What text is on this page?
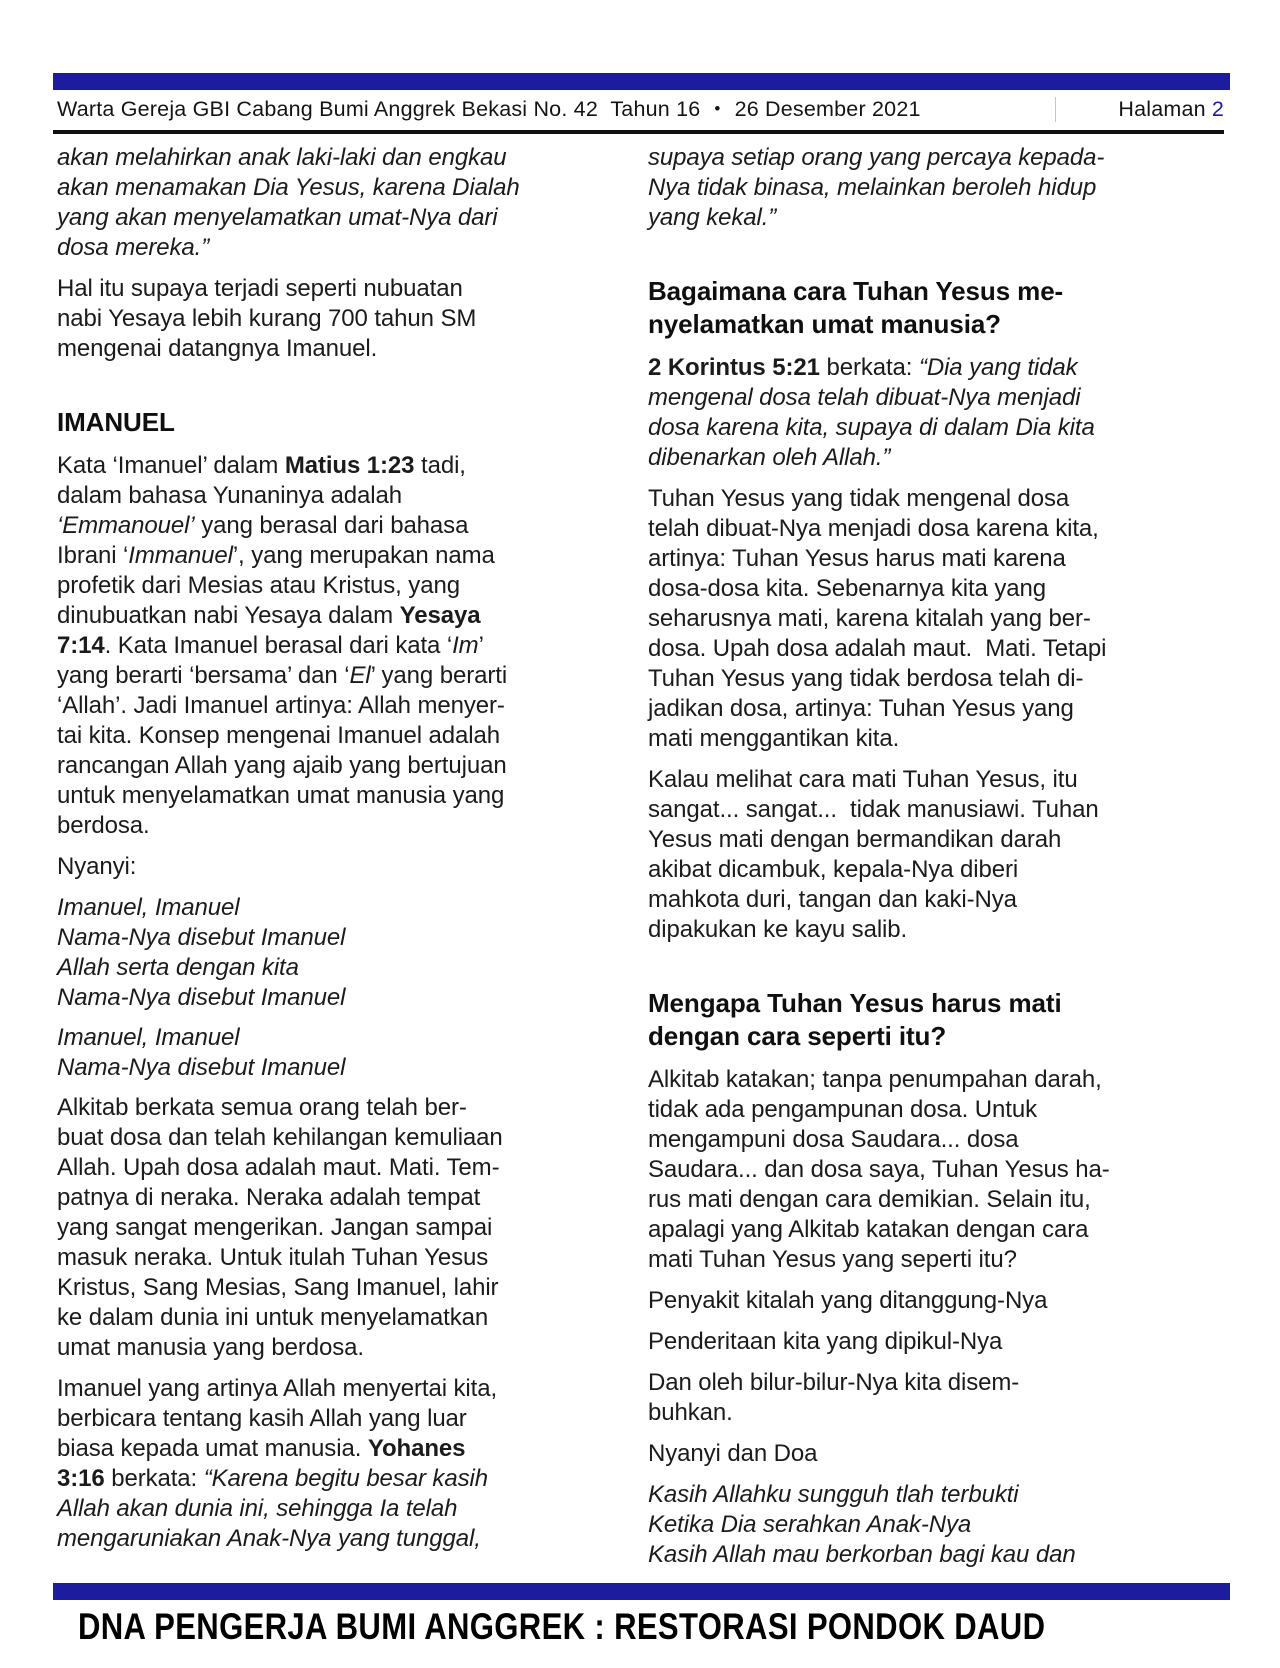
Warta Gereja GBI Cabang Bumi Anggrek Bekasi No. 42  Tahun 16 • 26 Desember 2021	Halaman 2

akan melahirkan anak laki-laki dan engkau
akan menamakan Dia Yesus, karena Dialah
yang akan menyelamatkan umat-Nya dari
dosa mereka.”

Hal itu supaya terjadi seperti nubuatan
nabi Yesaya lebih kurang 700 tahun SM
mengenai datangnya Imanuel.

IMANUEL

Kata ‘Imanuel’ dalam Matius 1:23 tadi,
dalam bahasa Yunaninya adalah
‘Emmanouel’ yang berasal dari bahasa
Ibrani ‘Immanuel’, yang merupakan nama
profetik dari Mesias atau Kristus, yang
dinubuatkan nabi Yesaya dalam Yesaya
7:14. Kata Imanuel berasal dari kata ‘Im’
yang berarti ‘bersama’ dan ‘El’ yang berarti
‘Allah’. Jadi Imanuel artinya: Allah menyer-
tai kita. Konsep mengenai Imanuel adalah
rancangan Allah yang ajaib yang bertujuan
untuk menyelamatkan umat manusia yang
berdosa.

Nyanyi:

Imanuel, Imanuel
Nama-Nya disebut Imanuel
Allah serta dengan kita
Nama-Nya disebut Imanuel

Imanuel, Imanuel
Nama-Nya disebut Imanuel

Alkitab berkata semua orang telah ber-
buat dosa dan telah kehilangan kemuliaan
Allah. Upah dosa adalah maut. Mati. Tem-
patnya di neraka. Neraka adalah tempat
yang sangat mengerikan. Jangan sampai
masuk neraka. Untuk itulah Tuhan Yesus
Kristus, Sang Mesias, Sang Imanuel, lahir
ke dalam dunia ini untuk menyelamatkan
umat manusia yang berdosa.

Imanuel yang artinya Allah menyertai kita,
berbicara tentang kasih Allah yang luar
biasa kepada umat manusia. Yohanes
3:16 berkata: “Karena begitu besar kasih
Allah akan dunia ini, sehingga Ia telah
mengaruniakan Anak-Nya yang tunggal,

supaya setiap orang yang percaya kepada-
Nya tidak binasa, melainkan beroleh hidup
yang kekal.”

Bagaimana cara Tuhan Yesus me-
nyelamatkan umat manusia?

2 Korintus 5:21 berkata: “Dia yang tidak
mengenal dosa telah dibuat-Nya menjadi
dosa karena kita, supaya di dalam Dia kita
dibenarkan oleh Allah.”

Tuhan Yesus yang tidak mengenal dosa
telah dibuat-Nya menjadi dosa karena kita,
artinya: Tuhan Yesus harus mati karena
dosa-dosa kita. Sebenarnya kita yang
seharusnya mati, karena kitalah yang ber-
dosa. Upah dosa adalah maut.  Mati. Tetapi
Tuhan Yesus yang tidak berdosa telah di-
jadikan dosa, artinya: Tuhan Yesus yang
mati menggantikan kita.

Kalau melihat cara mati Tuhan Yesus, itu
sangat... sangat...  tidak manusiawi. Tuhan
Yesus mati dengan bermandikan darah
akibat dicambuk, kepala-Nya diberi
mahkota duri, tangan dan kaki-Nya
dipakukan ke kayu salib.

Mengapa Tuhan Yesus harus mati
dengan cara seperti itu?

Alkitab katakan; tanpa penumpahan darah,
tidak ada pengampunan dosa. Untuk
mengampuni dosa Saudara... dosa
Saudara... dan dosa saya, Tuhan Yesus ha-
rus mati dengan cara demikian. Selain itu,
apalagi yang Alkitab katakan dengan cara
mati Tuhan Yesus yang seperti itu?

Penyakit kitalah yang ditanggung-Nya

Penderitaan kita yang dipikul-Nya

Dan oleh bilur-bilur-Nya kita disem-
buhkan.

Nyanyi dan Doa

Kasih Allahku sungguh tlah terbukti
Ketika Dia serahkan Anak-Nya
Kasih Allah mau berkorban bagi kau dan

DNA PENGERJA BUMI ANGGREK : RESTORASI PONDOK DAUD
